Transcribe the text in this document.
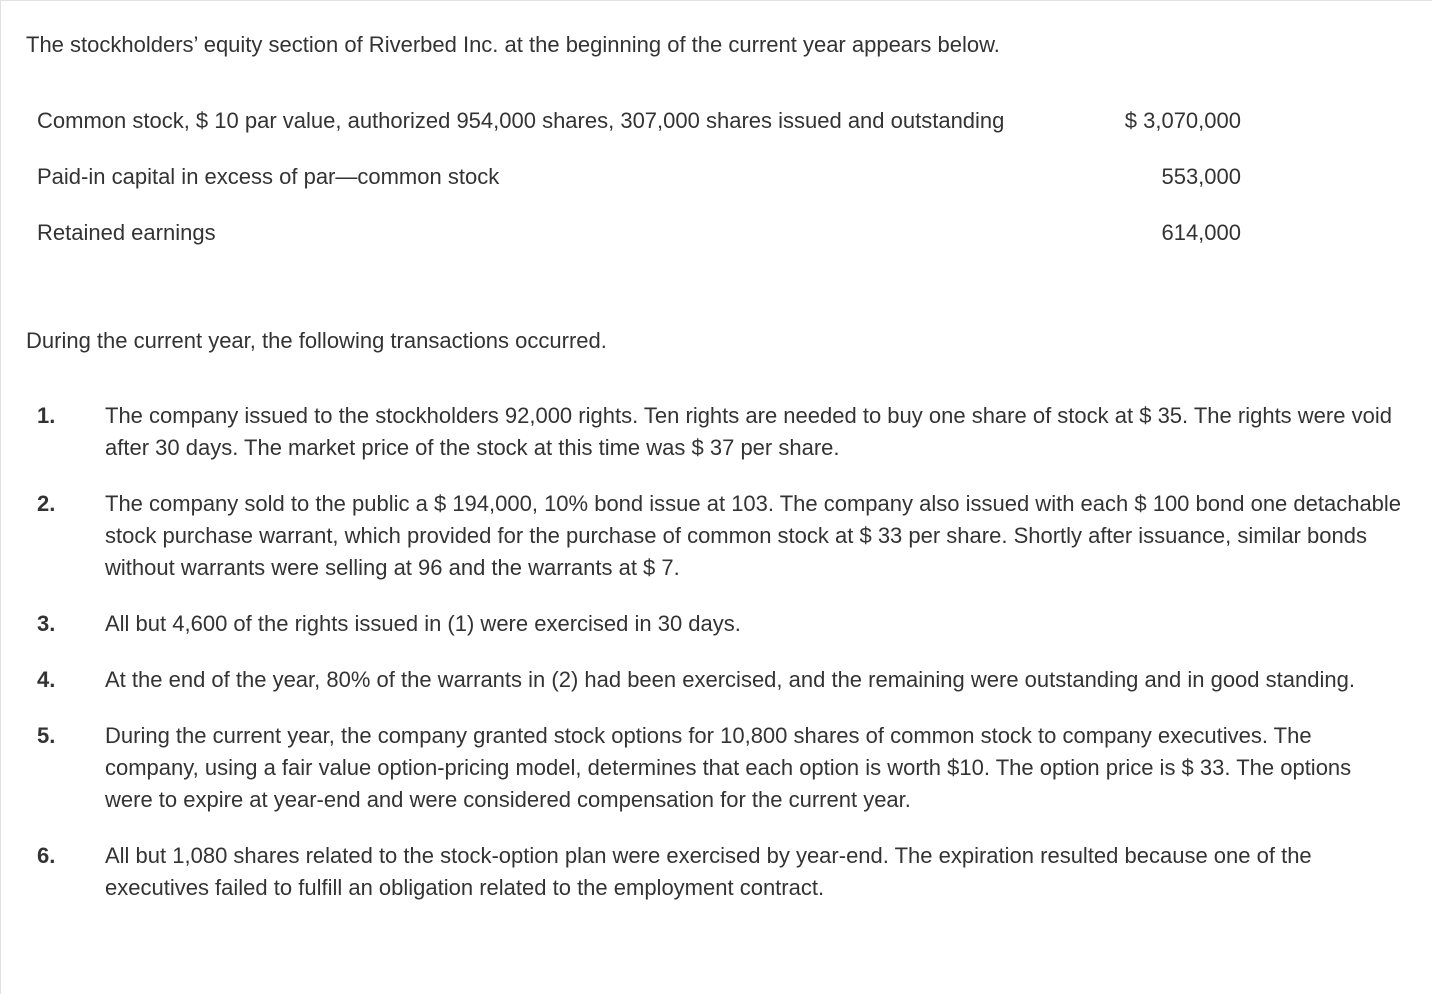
The stockholders’ equity section of Riverbed Inc. at the beginning of the current year appears below.

Common stock, $ 10 par value, authorized 954,000 shares, 307,000 shares issued and outstanding	$ 3,070,000
Paid-in capital in excess of par—common stock	553,000
Retained earnings	614,000

During the current year, the following transactions occurred.

1. The company issued to the stockholders 92,000 rights. Ten rights are needed to buy one share of stock at $ 35. The rights were void after 30 days. The market price of the stock at this time was $ 37 per share.
2. The company sold to the public a $ 194,000, 10% bond issue at 103. The company also issued with each $ 100 bond one detachable stock purchase warrant, which provided for the purchase of common stock at $ 33 per share. Shortly after issuance, similar bonds without warrants were selling at 96 and the warrants at $ 7.
3. All but 4,600 of the rights issued in (1) were exercised in 30 days.
4. At the end of the year, 80% of the warrants in (2) had been exercised, and the remaining were outstanding and in good standing.
5. During the current year, the company granted stock options for 10,800 shares of common stock to company executives. The company, using a fair value option-pricing model, determines that each option is worth $10. The option price is $ 33. The options were to expire at year-end and were considered compensation for the current year.
6. All but 1,080 shares related to the stock-option plan were exercised by year-end. The expiration resulted because one of the executives failed to fulfill an obligation related to the employment contract.
